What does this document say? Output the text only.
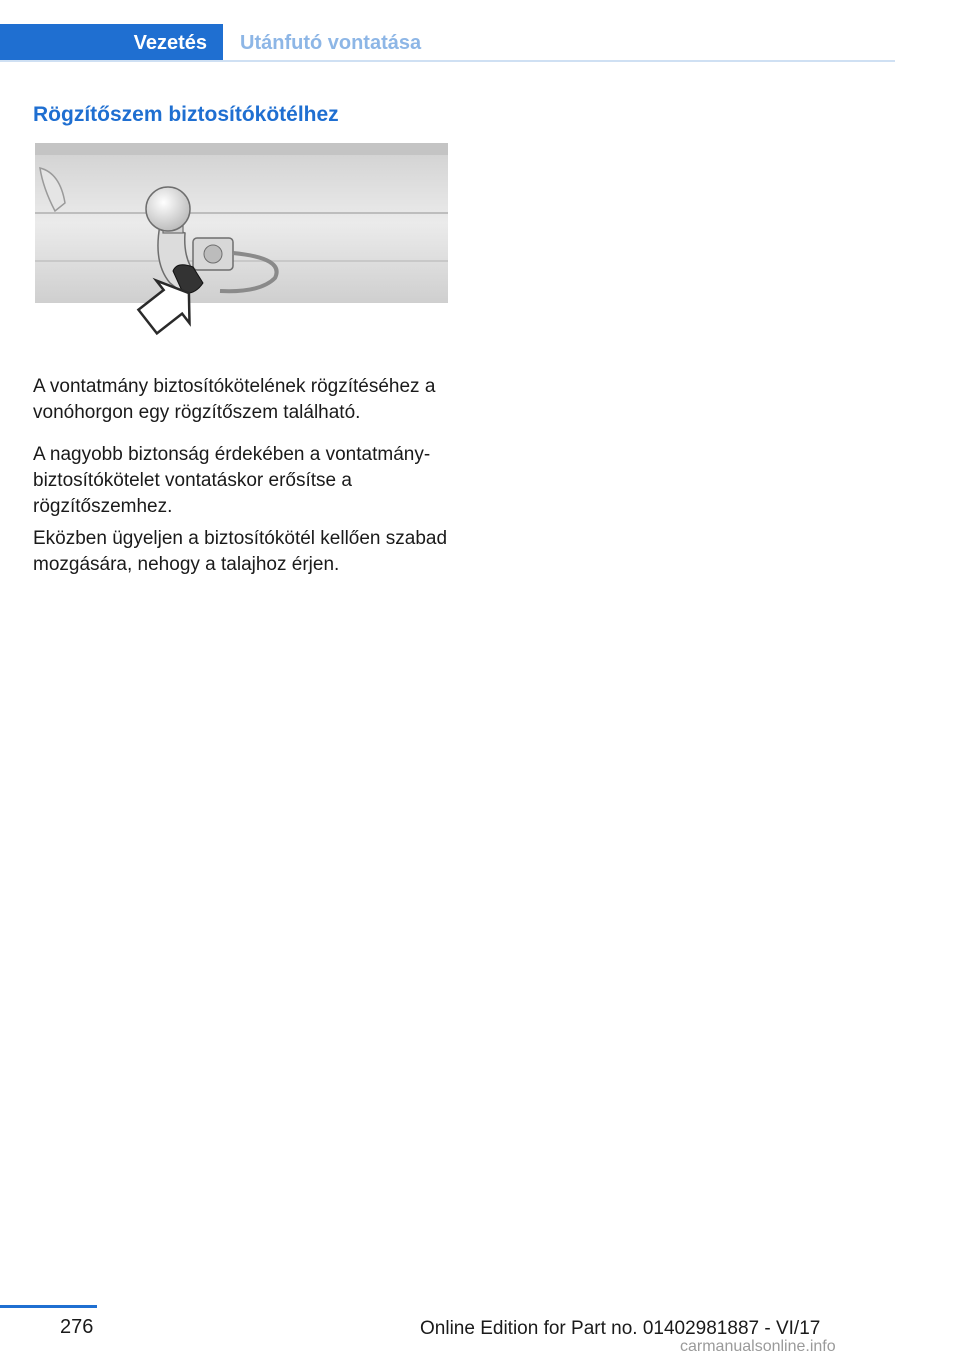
Vezetés	Utánfutó vontatása
Rögzítőszem biztosítókötélhez

A vontatmány biztosítókötelének rögzítéséhez a vonóhorgon egy rögzítőszem található.

A nagyobb biztonság érdekében a vontatmány-biztosítókötelet vontatáskor erősítse a rögzítőszemhez.

Eközben ügyeljen a biztosítókötél kellően szabad mozgására, nehogy a talajhoz érjen.

276	Online Edition for Part no. 01402981887 - VI/17
carmanualsonline.info
